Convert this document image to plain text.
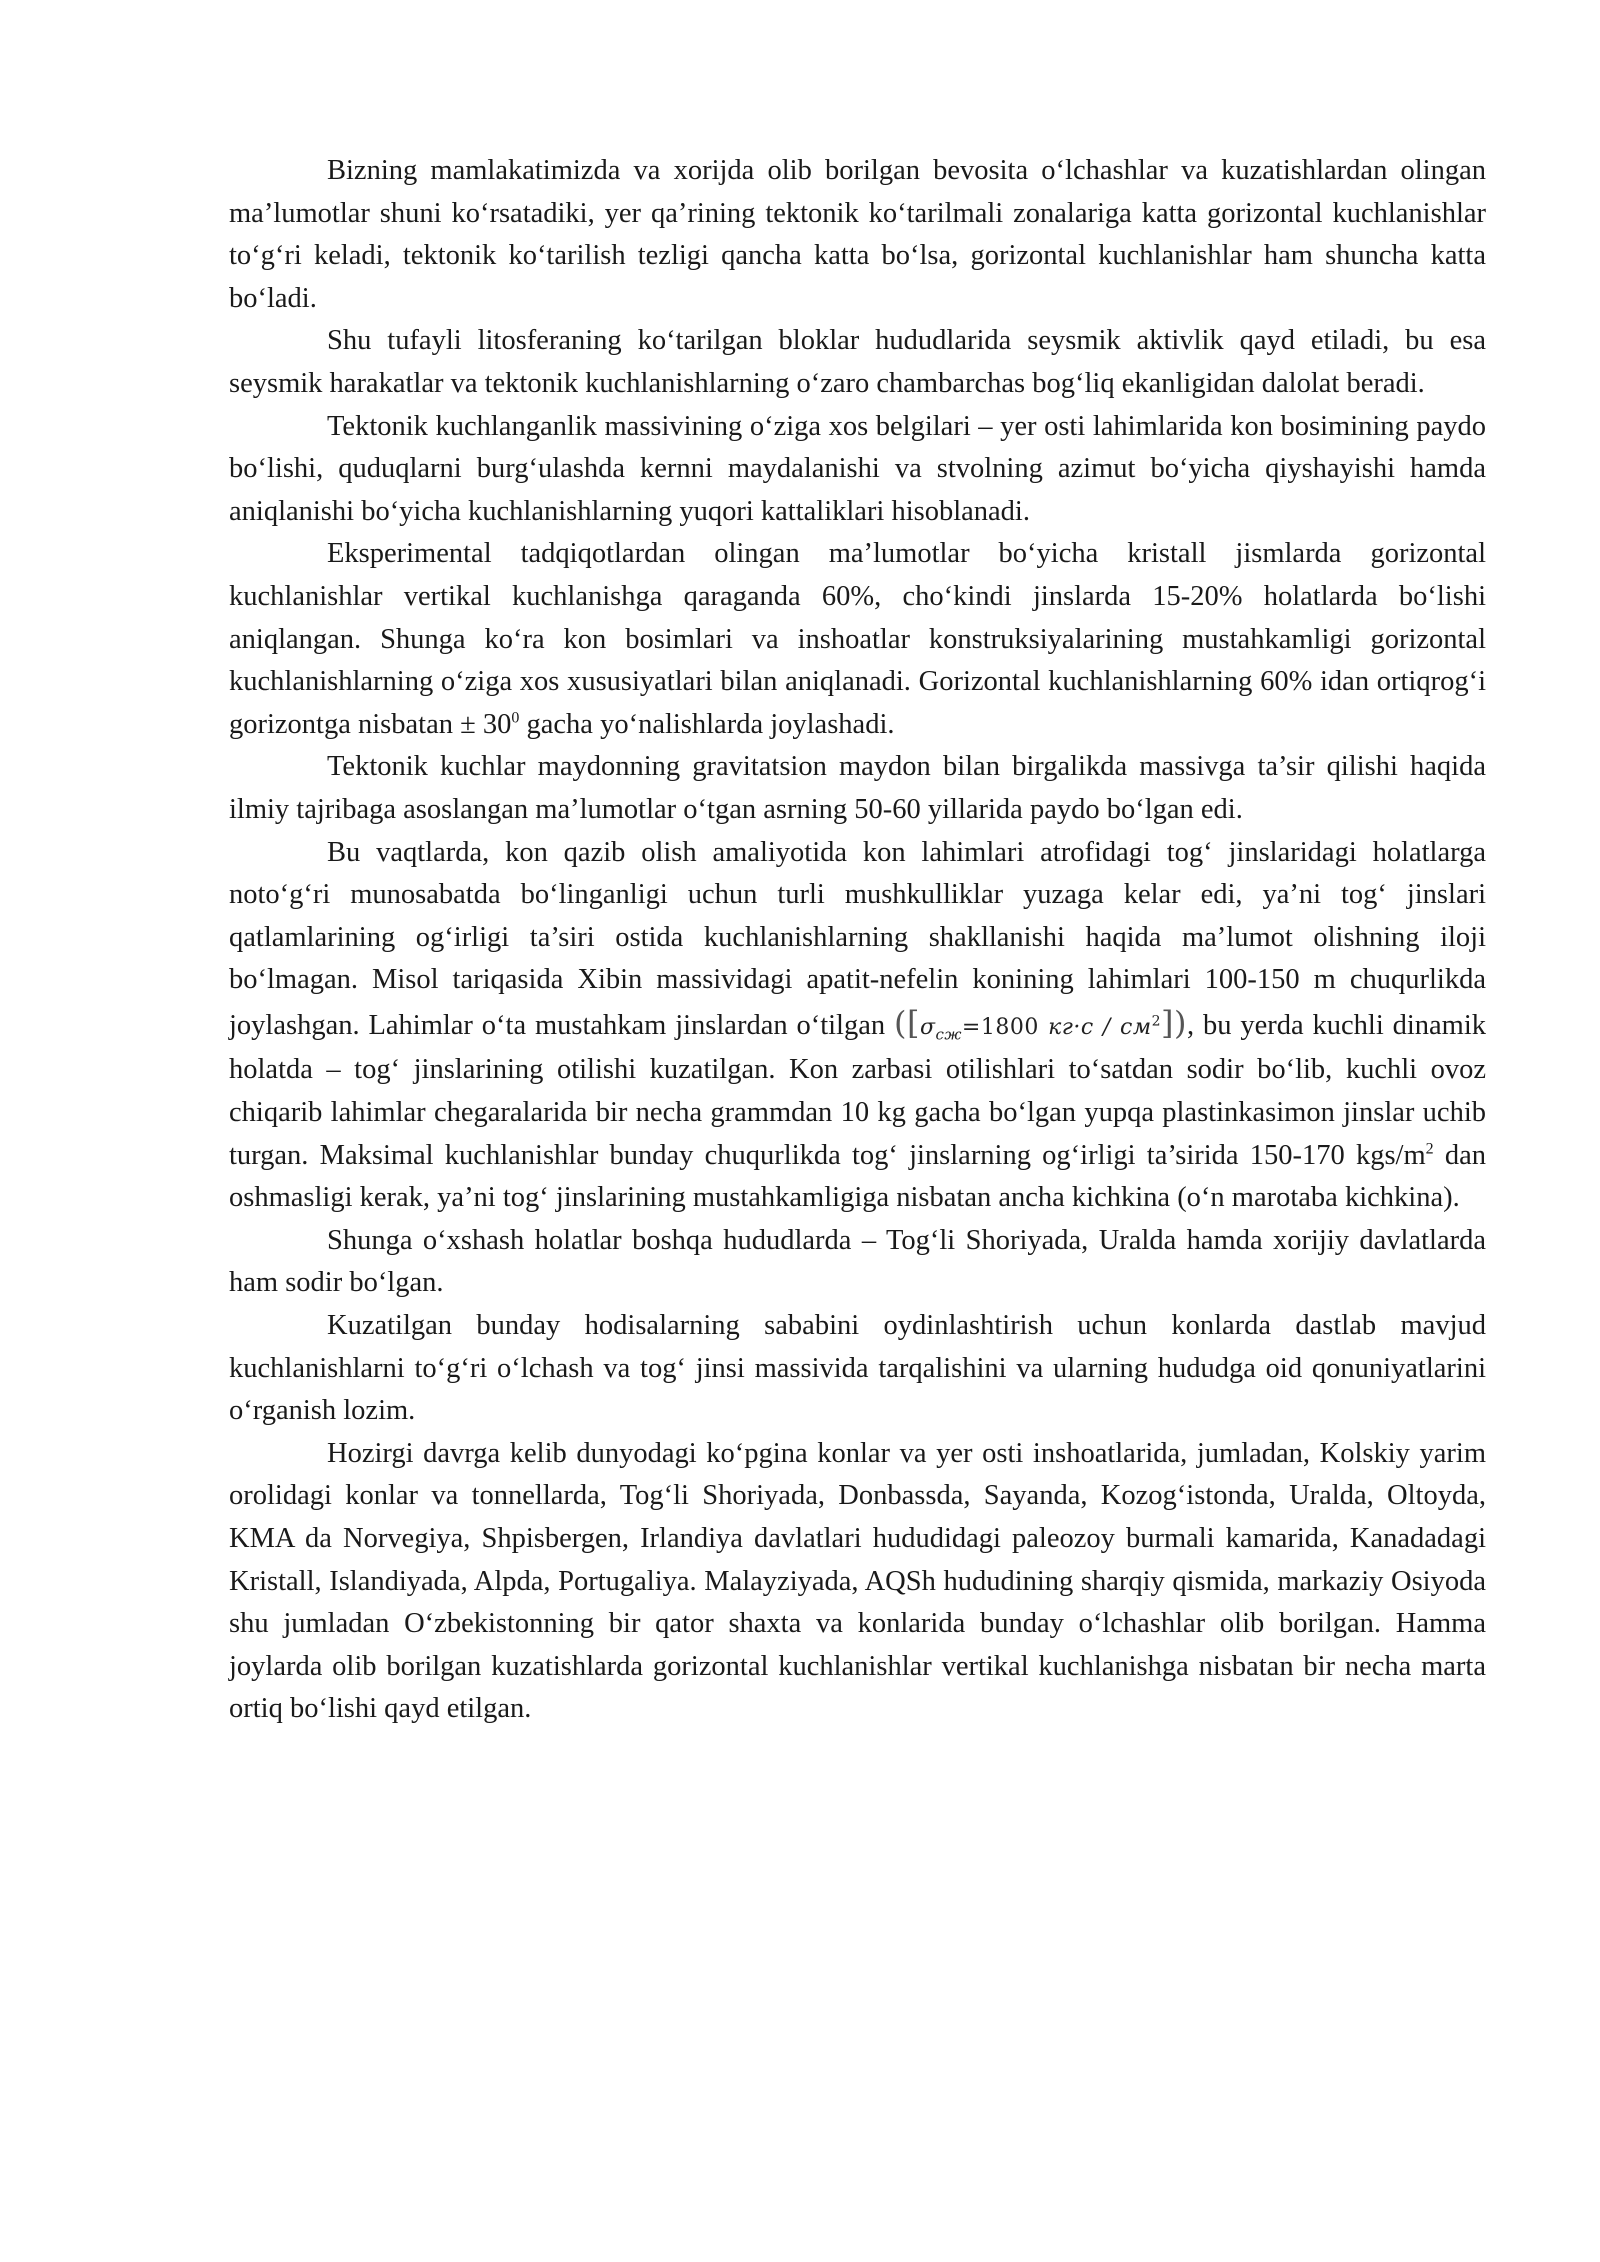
Bizning mamlakatimizda va xorijda olib borilgan bevosita o‘lchashlar va kuzatishlardan olingan ma’lumotlar shuni ko‘rsatadiki, yer qa’rining tektonik ko‘tarilmali zonalariga katta gorizontal kuchlanishlar to‘g‘ri keladi, tektonik ko‘tarilish tezligi qancha katta bo‘lsa, gorizontal kuchlanishlar ham shuncha katta bo‘ladi.

Shu tufayli litosferaning ko‘tarilgan bloklar hududlarida seysmik aktivlik qayd etiladi, bu esa seysmik harakatlar va tektonik kuchlanishlarning o‘zaro chambarchas bog‘liq ekanligidan dalolat beradi.

Tektonik kuchlanganlik massivining o‘ziga xos belgilari – yer osti lahimlarida kon bosimining paydo bo‘lishi, quduqlarni burg‘ulashda kernni maydalanishi va stvolning azimut bo‘yicha qiyshayishi hamda aniqlanishi bo‘yicha kuchlanishlarning yuqori kattaliklari hisoblanadi.

Eksperimental tadqiqotlardan olingan ma’lumotlar bo‘yicha kristall jismlarda gorizontal kuchlanishlar vertikal kuchlanishga qaraganda 60%, cho‘kindi jinslarda 15-20% holatlarda bo‘lishi aniqlangan. Shunga ko‘ra kon bosimlari va inshoatlar konstruksiyalarining mustahkamligi gorizontal kuchlanishlarning o‘ziga xos xususiyatlari bilan aniqlanadi. Gorizontal kuchlanishlarning 60% idan ortiqrog‘i gorizontga nisbatan ± $30^0$ gacha yo‘nalishlarda joylashadi.

Tektonik kuchlar maydonning gravitatsion maydon bilan birgalikda massivga ta’sir qilishi haqida ilmiy tajribaga asoslangan ma’lumotlar o‘tgan asrning 50-60 yillarida paydo bo‘lgan edi.

Bu vaqtlarda, kon qazib olish amaliyotida kon lahimlari atrofidagi tog‘ jinslaridagi holatlarga noto‘g‘ri munosabatda bo‘linganligi uchun turli mushkulliklar yuzaga kelar edi, ya’ni tog‘ jinslari qatlamlarining og‘irligi ta’siri ostida kuchlanishlarning shakllanishi haqida ma’lumot olishning iloji bo‘lmagan. Misol tariqasida Xibin massividagi apatit-nefelin konining lahimlari 100-150 m chuqurlikda joylashgan. Lahimlar o‘ta mustahkam jinslardan o‘tilgan ([$\sigma_{сж}=1800$ $кг\cdot с / см^2$]), bu yerda kuchli dinamik holatda – tog‘ jinslarining otilishi kuzatilgan. Kon zarbasi otilishlari to‘satdan sodir bo‘lib, kuchli ovoz chiqarib lahimlar chegaralarida bir necha grammdan 10 kg gacha bo‘lgan yupqa plastinkasimon jinslar uchib turgan. Maksimal kuchlanishlar bunday chuqurlikda tog‘ jinslarning og‘irligi ta’sirida 150-170 kgs/$m^2$ dan oshmasligi kerak, ya’ni tog‘ jinslarining mustahkamligiga nisbatan ancha kichkina (o‘n marotaba kichkina).

Shunga o‘xshash holatlar boshqa hududlarda – Tog‘li Shoriyada, Uralda hamda xorijiy davlatlarda ham sodir bo‘lgan.

Kuzatilgan bunday hodisalarning sababini oydinlashtirish uchun konlarda dastlab mavjud kuchlanishlarni to‘g‘ri o‘lchash va tog‘ jinsi massivida tarqalishini va ularning hududga oid qonuniyatlarini o‘rganish lozim.

Hozirgi davrga kelib dunyodagi ko‘pgina konlar va yer osti inshoatlarida, jumladan, Kolskiy yarim orolidagi konlar va tonnellarda, Tog‘li Shoriyada, Donbassda, Sayanda, Kozog‘istonda, Uralda, Oltoyda, KMA da Norvegiya, Shpisbergen, Irlandiya davlatlari hududidagi paleozoy burmali kamarida, Kanadadagi Kristall, Islandiyada, Alpda, Portugaliya. Malayziyada, AQSh hududining sharqiy qismida, markaziy Osiyoda shu jumladan O‘zbekistonning bir qator shaxta va konlarida bunday o‘lchashlar olib borilgan. Hamma joylarda olib borilgan kuzatishlarda gorizontal kuchlanishlar vertikal kuchlanishga nisbatan bir necha marta ortiq bo‘lishi qayd etilgan.
